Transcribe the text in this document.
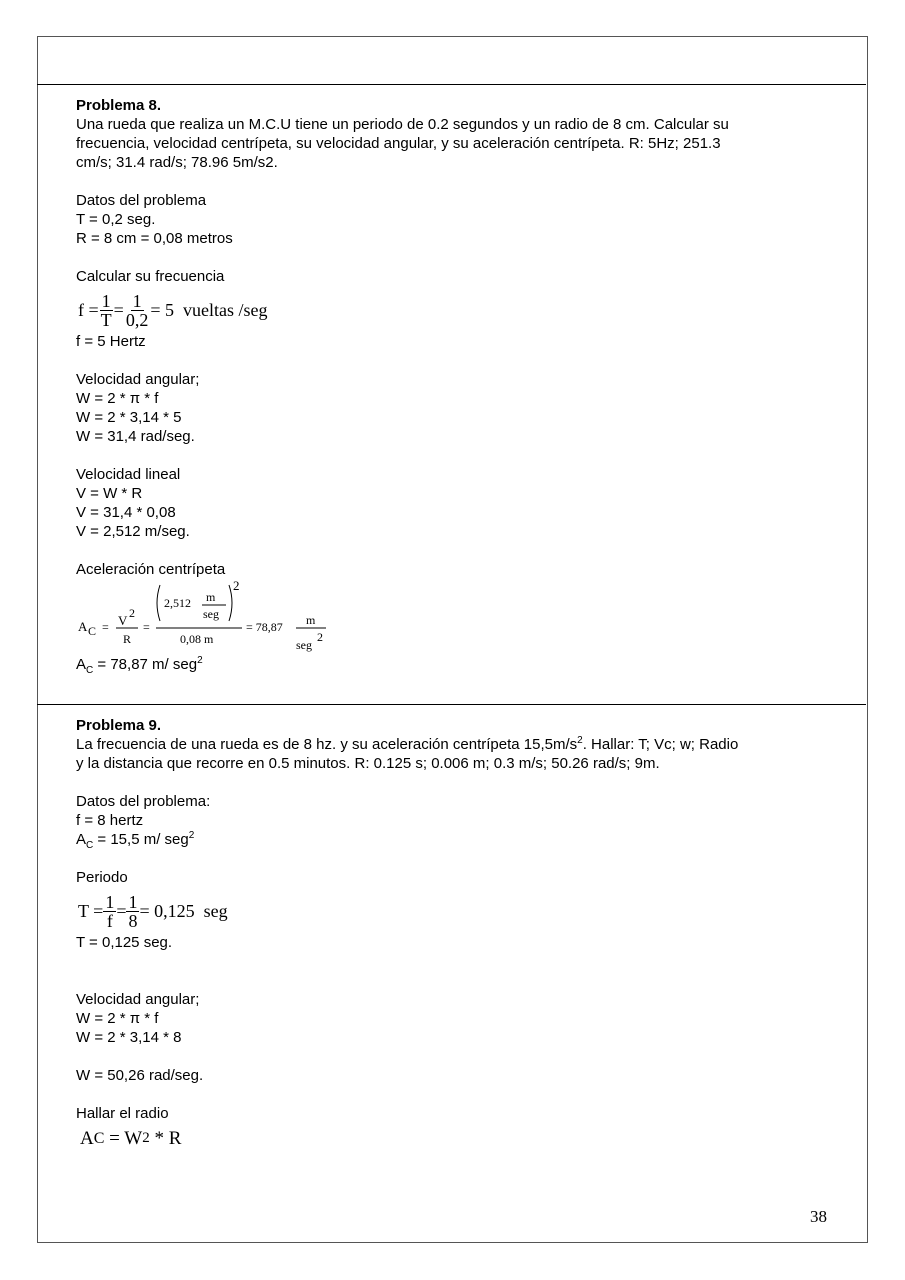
Problema 8.

Una rueda que realiza un M.C.U tiene un periodo de 0.2 segundos y un radio de 8 cm. Calcular su

frecuencia, velocidad centrípeta, su velocidad angular, y su aceleración centrípeta. R: 5Hz; 251.3

cm/s; 31.4 rad/s; 78.96 5m/s2.

Datos del problema

T = 0,2 seg.

R = 8 cm = 0,08 metros

Calcular su frecuencia

$f = \frac{1}{T} = \frac{1}{0,2} = 5$  vueltas /seg

f = 5 Hertz

Velocidad angular;

W = 2 * π * f

W = 2 * 3,14 * 5

W = 31,4 rad/seg.

Velocidad lineal

V = W * R

V = 31,4 * 0,08

V = 2,512 m/seg.

Aceleración centrípeta

A C = V 2
R
=
2,512 m
seg
2
0,08 m
= 78,87 m
seg
2

$A_C = 78,87$ m/ seg$^2$

Problema 9.

La frecuencia de una rueda es de 8 hz. y su aceleración centrípeta $15,5m/s^2$. Hallar: T; Vc; w; Radio

y la distancia que recorre en 0.5 minutos. R: 0.125 s; 0.006 m; 0.3 m/s; 50.26 rad/s; 9m.

Datos del problema:

f = 8 hertz

$A_C = 15,5$ m/ seg$^2$

Periodo

$T = \frac{1}{f} = \frac{1}{8} = 0,125$  seg

T = 0,125 seg.

Velocidad angular;

W = 2 * π * f

W = 2 * 3,14 * 8

W = 50,26 rad/seg.

Hallar el radio

A C = W 2 * R
38
